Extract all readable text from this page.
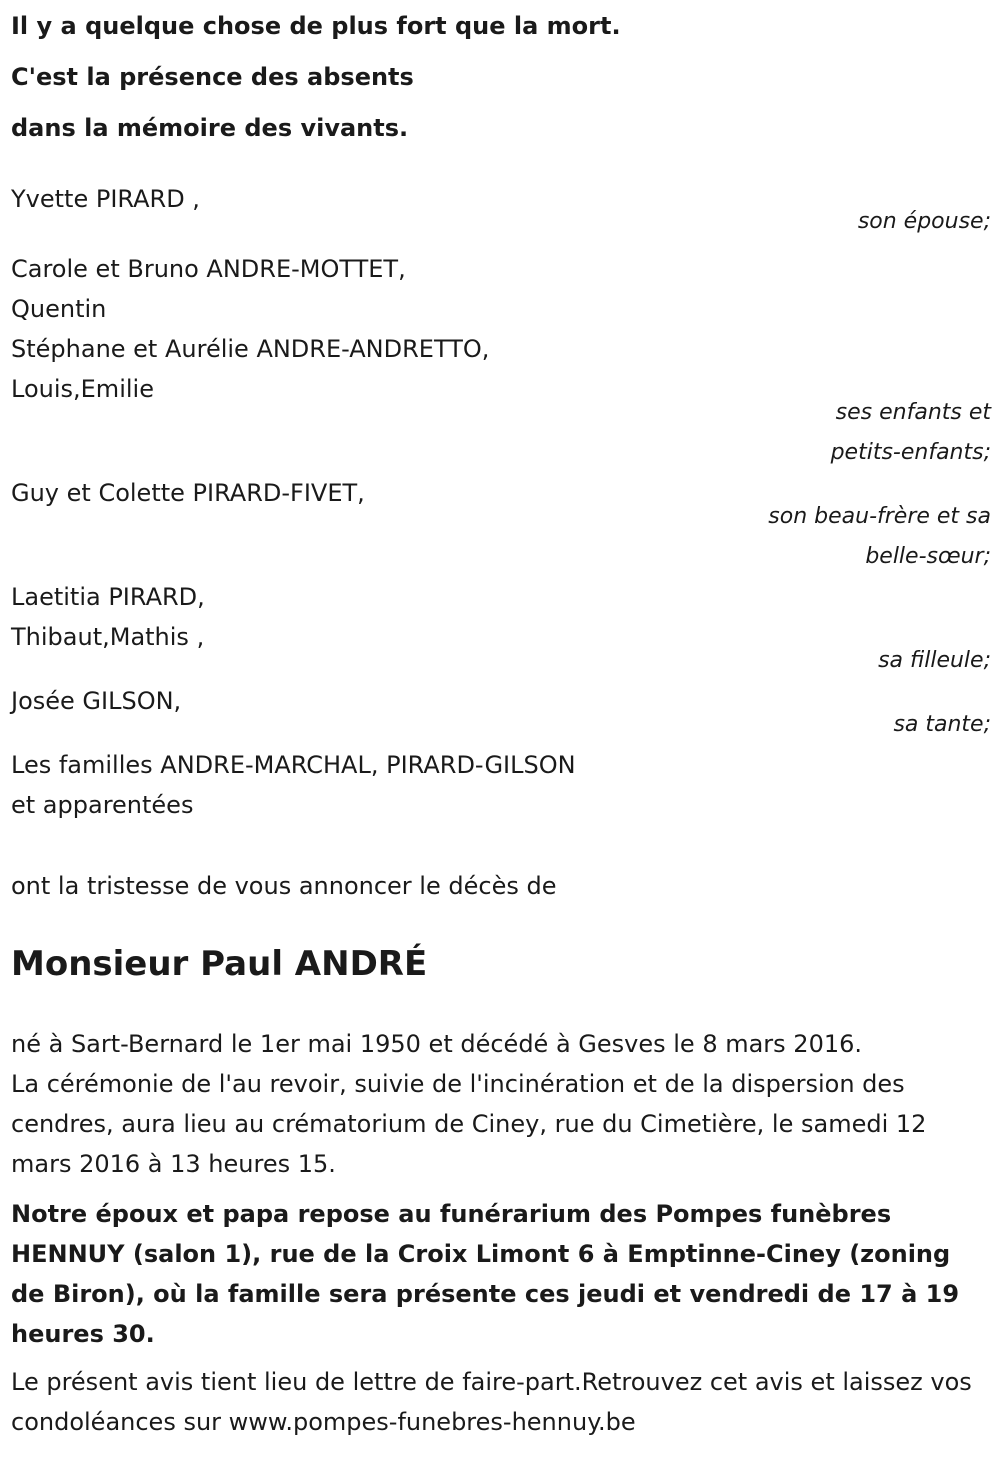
Il y a quelque chose de plus fort que la mort.
C'est la présence des absents
dans la mémoire des vivants.
Yvette PIRARD ,
son épouse;
Carole et Bruno ANDRE-MOTTET,
Quentin
Stéphane et Aurélie ANDRE-ANDRETTO,
Louis,Emilie
ses enfants et
petits-enfants;
Guy et Colette PIRARD-FIVET,
son beau-frère et sa
belle-sœur;
Laetitia PIRARD,
Thibaut,Mathis ,
sa filleule;
Josée GILSON,
sa tante;
Les familles ANDRE-MARCHAL, PIRARD-GILSON
et apparentées
ont la tristesse de vous annoncer le décès de
Monsieur Paul ANDRÉ
né à Sart-Bernard le 1er mai 1950 et décédé à Gesves le 8 mars 2016.
La cérémonie de l'au revoir, suivie de l'incinération et de la dispersion des cendres, aura lieu au crématorium de Ciney, rue du Cimetière, le samedi 12 mars 2016 à 13 heures 15.
Notre époux et papa repose au funérarium des Pompes funèbres HENNUY (salon 1), rue de la Croix Limont 6 à Emptinne-Ciney (zoning de Biron), où la famille sera présente ces jeudi et vendredi de 17 à 19 heures 30.
Le présent avis tient lieu de lettre de faire-part.Retrouvez cet avis et laissez vos condoléances sur www.pompes-funebres-hennuy.be
